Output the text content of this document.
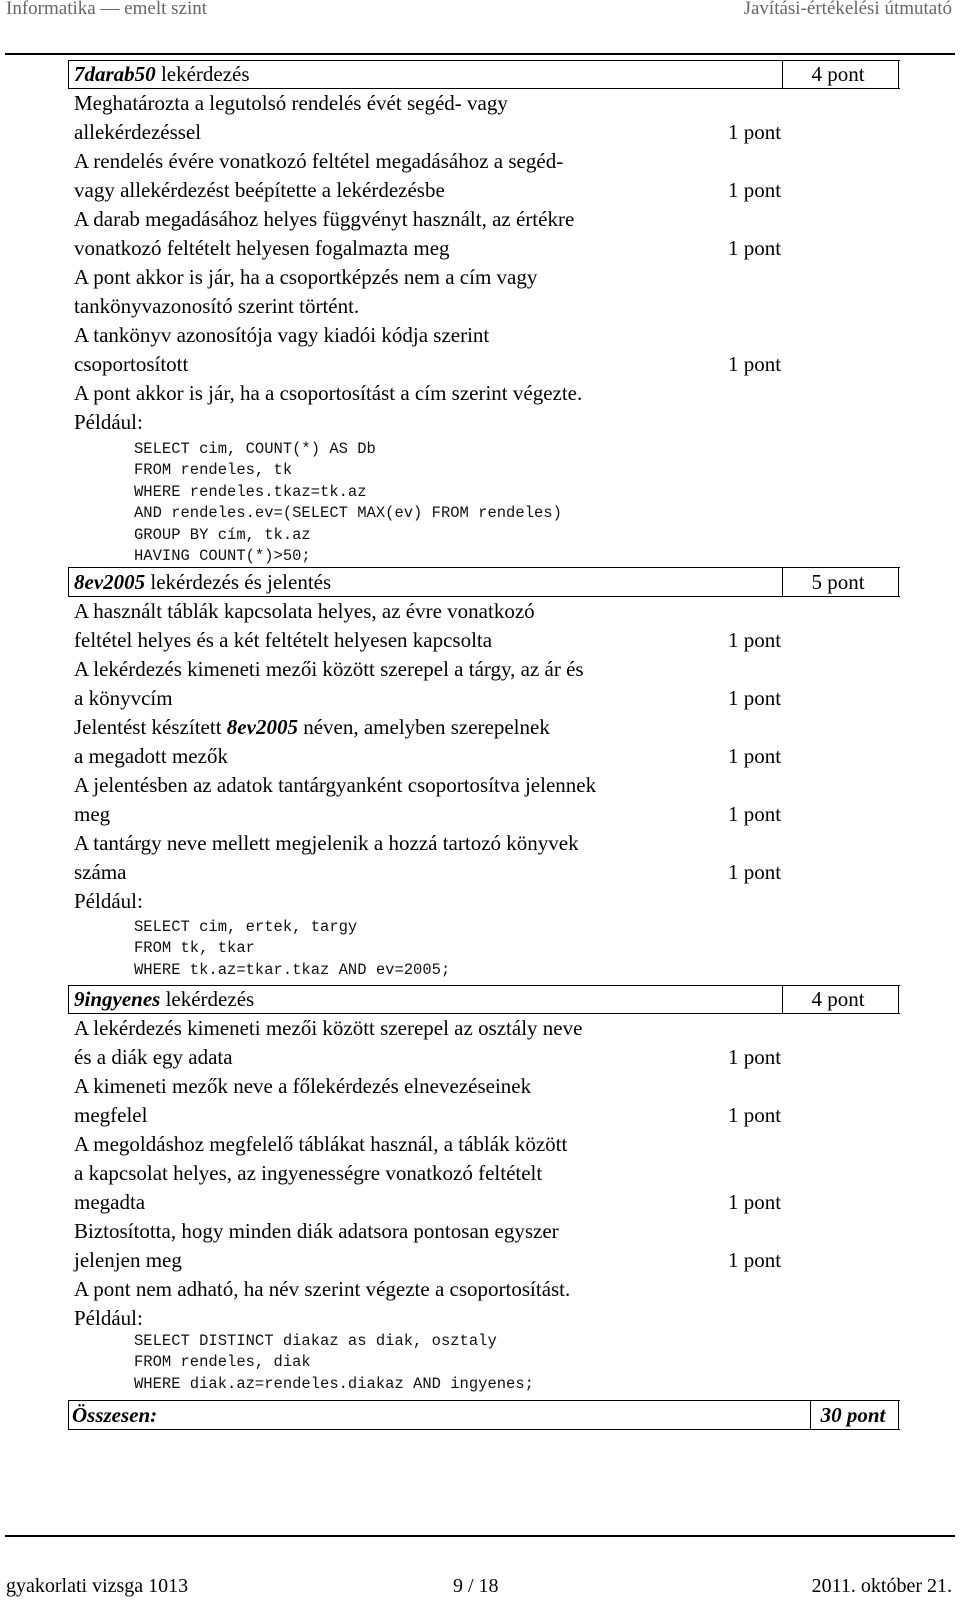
Informatika — emelt szint	Javítási-értékelési útmutató
7darab50 lekérdezés	4 pont
Meghatározta a legutolsó rendelés évét segéd- vagy
allekérdezéssel	1 pont
A rendelés évére vonatkozó feltétel megadásához a segéd-
vagy allekérdezést beépítette a lekérdezésbe	1 pont
A darab megadásához helyes függvényt használt, az értékre
vonatkozó feltételt helyesen fogalmazta meg	1 pont
A pont akkor is jár, ha a csoportképzés nem a cím vagy
tankönyvazonosító szerint történt.
A tankönyv azonosítója vagy kiadói kódja szerint
csoportosított	1 pont
A pont akkor is jár, ha a csoportosítást a cím szerint végezte.
Például:
SELECT cim, COUNT(*) AS Db
FROM rendeles, tk
WHERE rendeles.tkaz=tk.az
AND rendeles.ev=(SELECT MAX(ev) FROM rendeles)
GROUP BY cím, tk.az
HAVING COUNT(*)>50;
8ev2005 lekérdezés és jelentés	5 pont
A használt táblák kapcsolata helyes, az évre vonatkozó
feltétel helyes és a két feltételt helyesen kapcsolta	1 pont
A lekérdezés kimeneti mezői között szerepel a tárgy, az ár és
a könyvcím	1 pont
Jelentést készített 8ev2005 néven, amelyben szerepelnek
a megadott mezők	1 pont
A jelentésben az adatok tantárgyanként csoportosítva jelennek
meg	1 pont
A tantárgy neve mellett megjelenik a hozzá tartozó könyvek
száma	1 pont
Például:
SELECT cim, ertek, targy
FROM tk, tkar
WHERE tk.az=tkar.tkaz AND ev=2005;
9ingyenes lekérdezés	4 pont
A lekérdezés kimeneti mezői között szerepel az osztály neve
és a diák egy adata	1 pont
A kimeneti mezők neve a főlekérdezés elnevezéseinek
megfelel	1 pont
A megoldáshoz megfelelő táblákat használ, a táblák között
a kapcsolat helyes, az ingyenességre vonatkozó feltételt
megadta	1 pont
Biztosította, hogy minden diák adatsora pontosan egyszer
jelenjen meg	1 pont
A pont nem adható, ha név szerint végezte a csoportosítást.
Például:
SELECT DISTINCT diakaz as diak, osztaly
FROM rendeles, diak
WHERE diak.az=rendeles.diakaz AND ingyenes;
Összesen:	30 pont
gyakorlati vizsga 1013	9 / 18	2011. október 21.
